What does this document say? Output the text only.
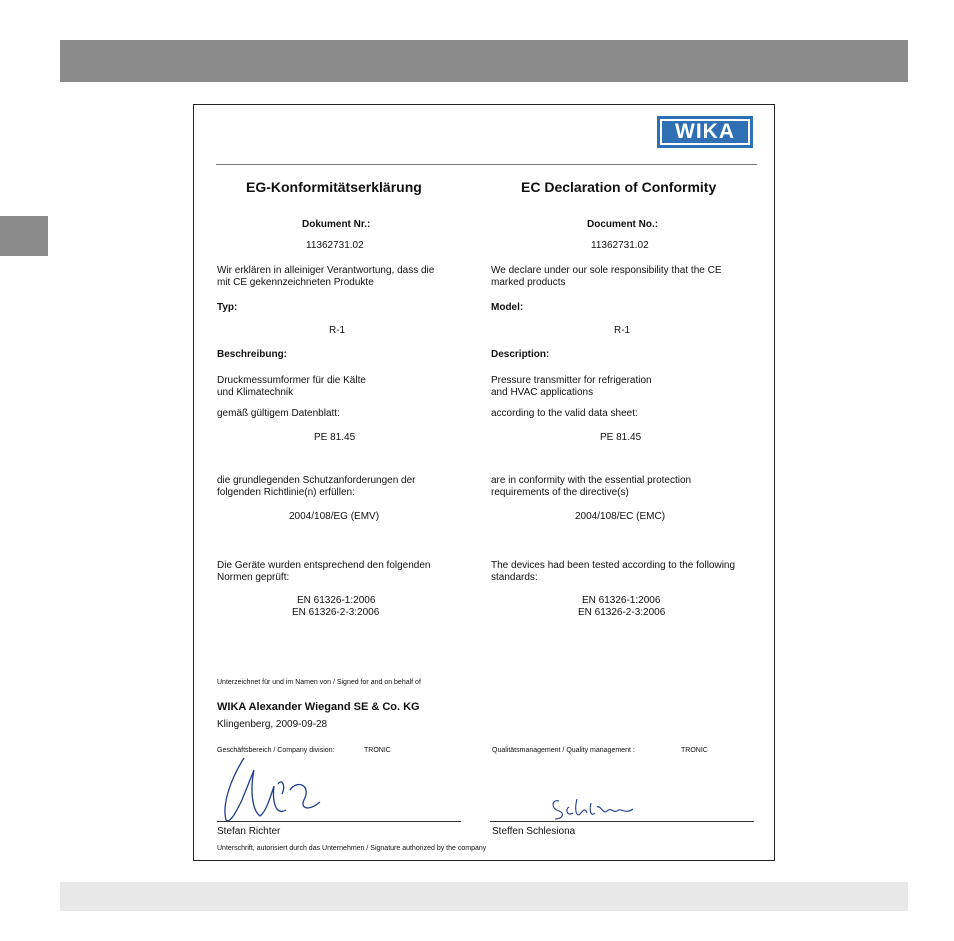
WIKA
EG-Konformitätserklärung
Dokument Nr.:
11362731.02
Wir erklären in alleiniger Verantwortung, dass die
mit CE gekennzeichneten Produkte
Typ:
R-1
Beschreibung:
Druckmessumformer für die Kälte
und Klimatechnik
gemäß gültigem Datenblatt:
PE 81.45
die grundlegenden Schutzanforderungen der
folgenden Richtlinie(n) erfüllen:
2004/108/EG (EMV)
Die Geräte wurden entsprechend den folgenden
Normen geprüft:
EN 61326-1:2006
EN 61326-2-3:2006
EC Declaration of Conformity
Document No.:
11362731.02
We declare under our sole responsibility that the CE
marked products
Model:
R-1
Description:
Pressure transmitter for refrigeration
and HVAC applications
according to the valid data sheet:
PE 81.45
are in conformity with the essential protection
requirements of the directive(s)
2004/108/EC (EMC)
The devices had been tested according to the following
standards:
EN 61326-1:2006
EN 61326-2-3:2006
Unterzeichnet für und im Namen von / Signed for and on behalf of
WIKA Alexander Wiegand SE & Co. KG
Klingenberg, 2009-09-28
Geschäftsbereich / Company division:	TRONIC	Qualitätsmanagement / Quality management :	TRONIC
Stefan Richter	Steffen Schlesiona
Unterschrift, autorisiert durch das Unternehmen / Signature authorized by the company
